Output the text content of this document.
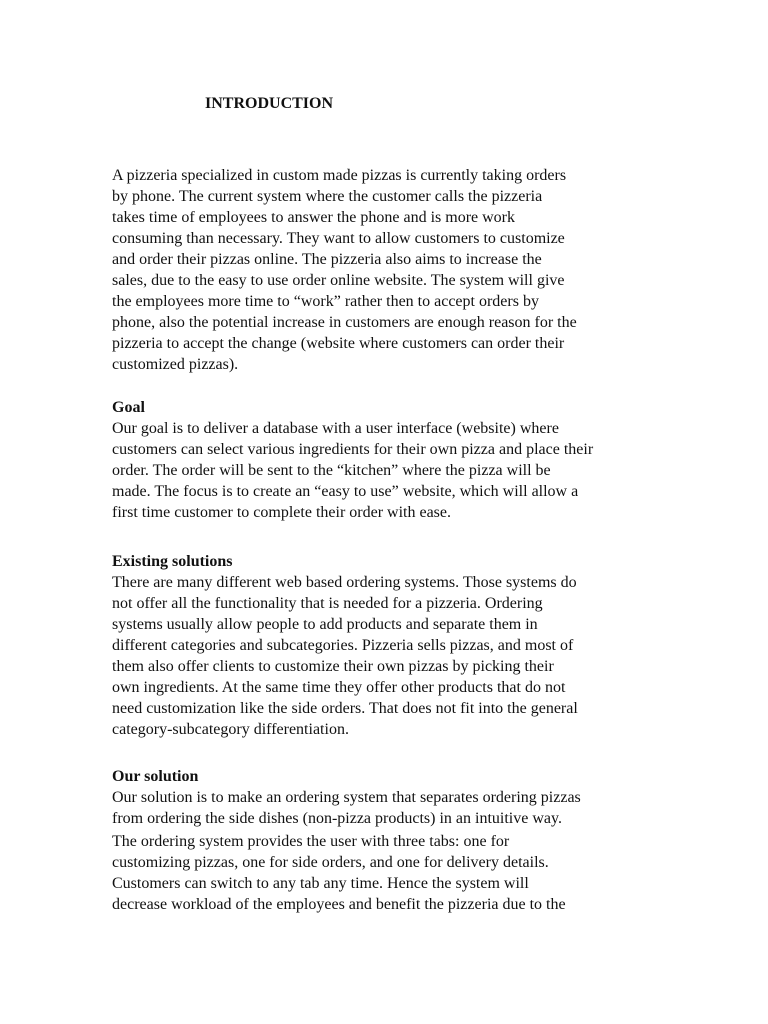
INTRODUCTION
A pizzeria specialized in custom made pizzas is currently taking orders
by phone. The current system where the customer calls the pizzeria
takes time of employees to answer the phone and is more work
consuming than necessary. They want to allow customers to customize
and order their pizzas online. The pizzeria also aims to increase the
sales, due to the easy to use order online website. The system will give
the employees more time to “work” rather then to accept orders by
phone, also the potential increase in customers are enough reason for the
pizzeria to accept the change (website where customers can order their
customized pizzas).
Goal
Our goal is to deliver a database with a user interface (website) where
customers can select various ingredients for their own pizza and place their
order. The order will be sent to the “kitchen” where the pizza will be
made. The focus is to create an “easy to use” website, which will allow a
first time customer to complete their order with ease.
Existing solutions
There are many different web based ordering systems. Those systems do
not offer all the functionality that is needed for a pizzeria. Ordering
systems usually allow people to add products and separate them in
different categories and subcategories. Pizzeria sells pizzas, and most of
them also offer clients to customize their own pizzas by picking their
own ingredients. At the same time they offer other products that do not
need customization like the side orders. That does not fit into the general
category-subcategory differentiation.
Our solution
Our solution is to make an ordering system that separates ordering pizzas
from ordering the side dishes (non-pizza products) in an intuitive way.
The ordering system provides the user with three tabs: one for
customizing pizzas, one for side orders, and one for delivery details.
Customers can switch to any tab any time. Hence the system will
decrease workload of the employees and benefit the pizzeria due to the
